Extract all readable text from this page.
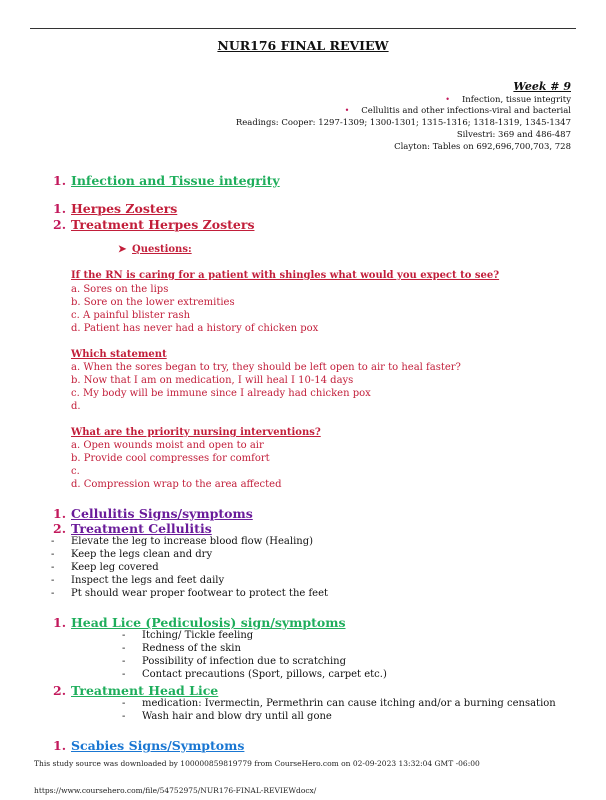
NUR176 FINAL REVIEW
Week # 9
• Infection, tissue integrity
• Cellulitis and other infections-viral and bacterial
Readings: Cooper: 1297-1309; 1300-1301; 1315-1316; 1318-1319, 1345-1347
Silvestri: 369 and 486-487
Clayton: Tables on 692,696,700,703, 728
1. Infection and Tissue integrity
1. Herpes Zosters
2. Treatment Herpes Zosters
➤ Questions:
If the RN is caring for a patient with shingles what would you expect to see?
a. Sores on the lips
b. Sore on the lower extremities
c. A painful blister rash
d. Patient has never had a history of chicken pox
Which statement
a. When the sores began to try, they should be left open to air to heal faster?
b. Now that I am on medication, I will heal I 10-14 days
c. My body will be immune since I already had chicken pox
d.
What are the priority nursing interventions?
a. Open wounds moist and open to air
b. Provide cool compresses for comfort
c.
d. Compression wrap to the area affected
1. Cellulitis Signs/symptoms
2. Treatment Cellulitis
- Elevate the leg to increase blood flow (Healing)
- Keep the legs clean and dry
- Keep leg covered
- Inspect the legs and feet daily
- Pt should wear proper footwear to protect the feet
1. Head Lice (Pediculosis) sign/symptoms
- Itching/ Tickle feeling
- Redness of the skin
- Possibility of infection due to scratching
- Contact precautions (Sport, pillows, carpet etc.)
2. Treatment Head Lice
- medication: Ivermectin, Permethrin can cause itching and/or a burning censation
- Wash hair and blow dry until all gone
1. Scabies Signs/Symptoms
This study source was downloaded by 100000859819779 from CourseHero.com on 02-09-2023 13:32:04 GMT -06:00
https://www.coursehero.com/file/54752975/NUR176-FINAL-REVIEWdocx/
